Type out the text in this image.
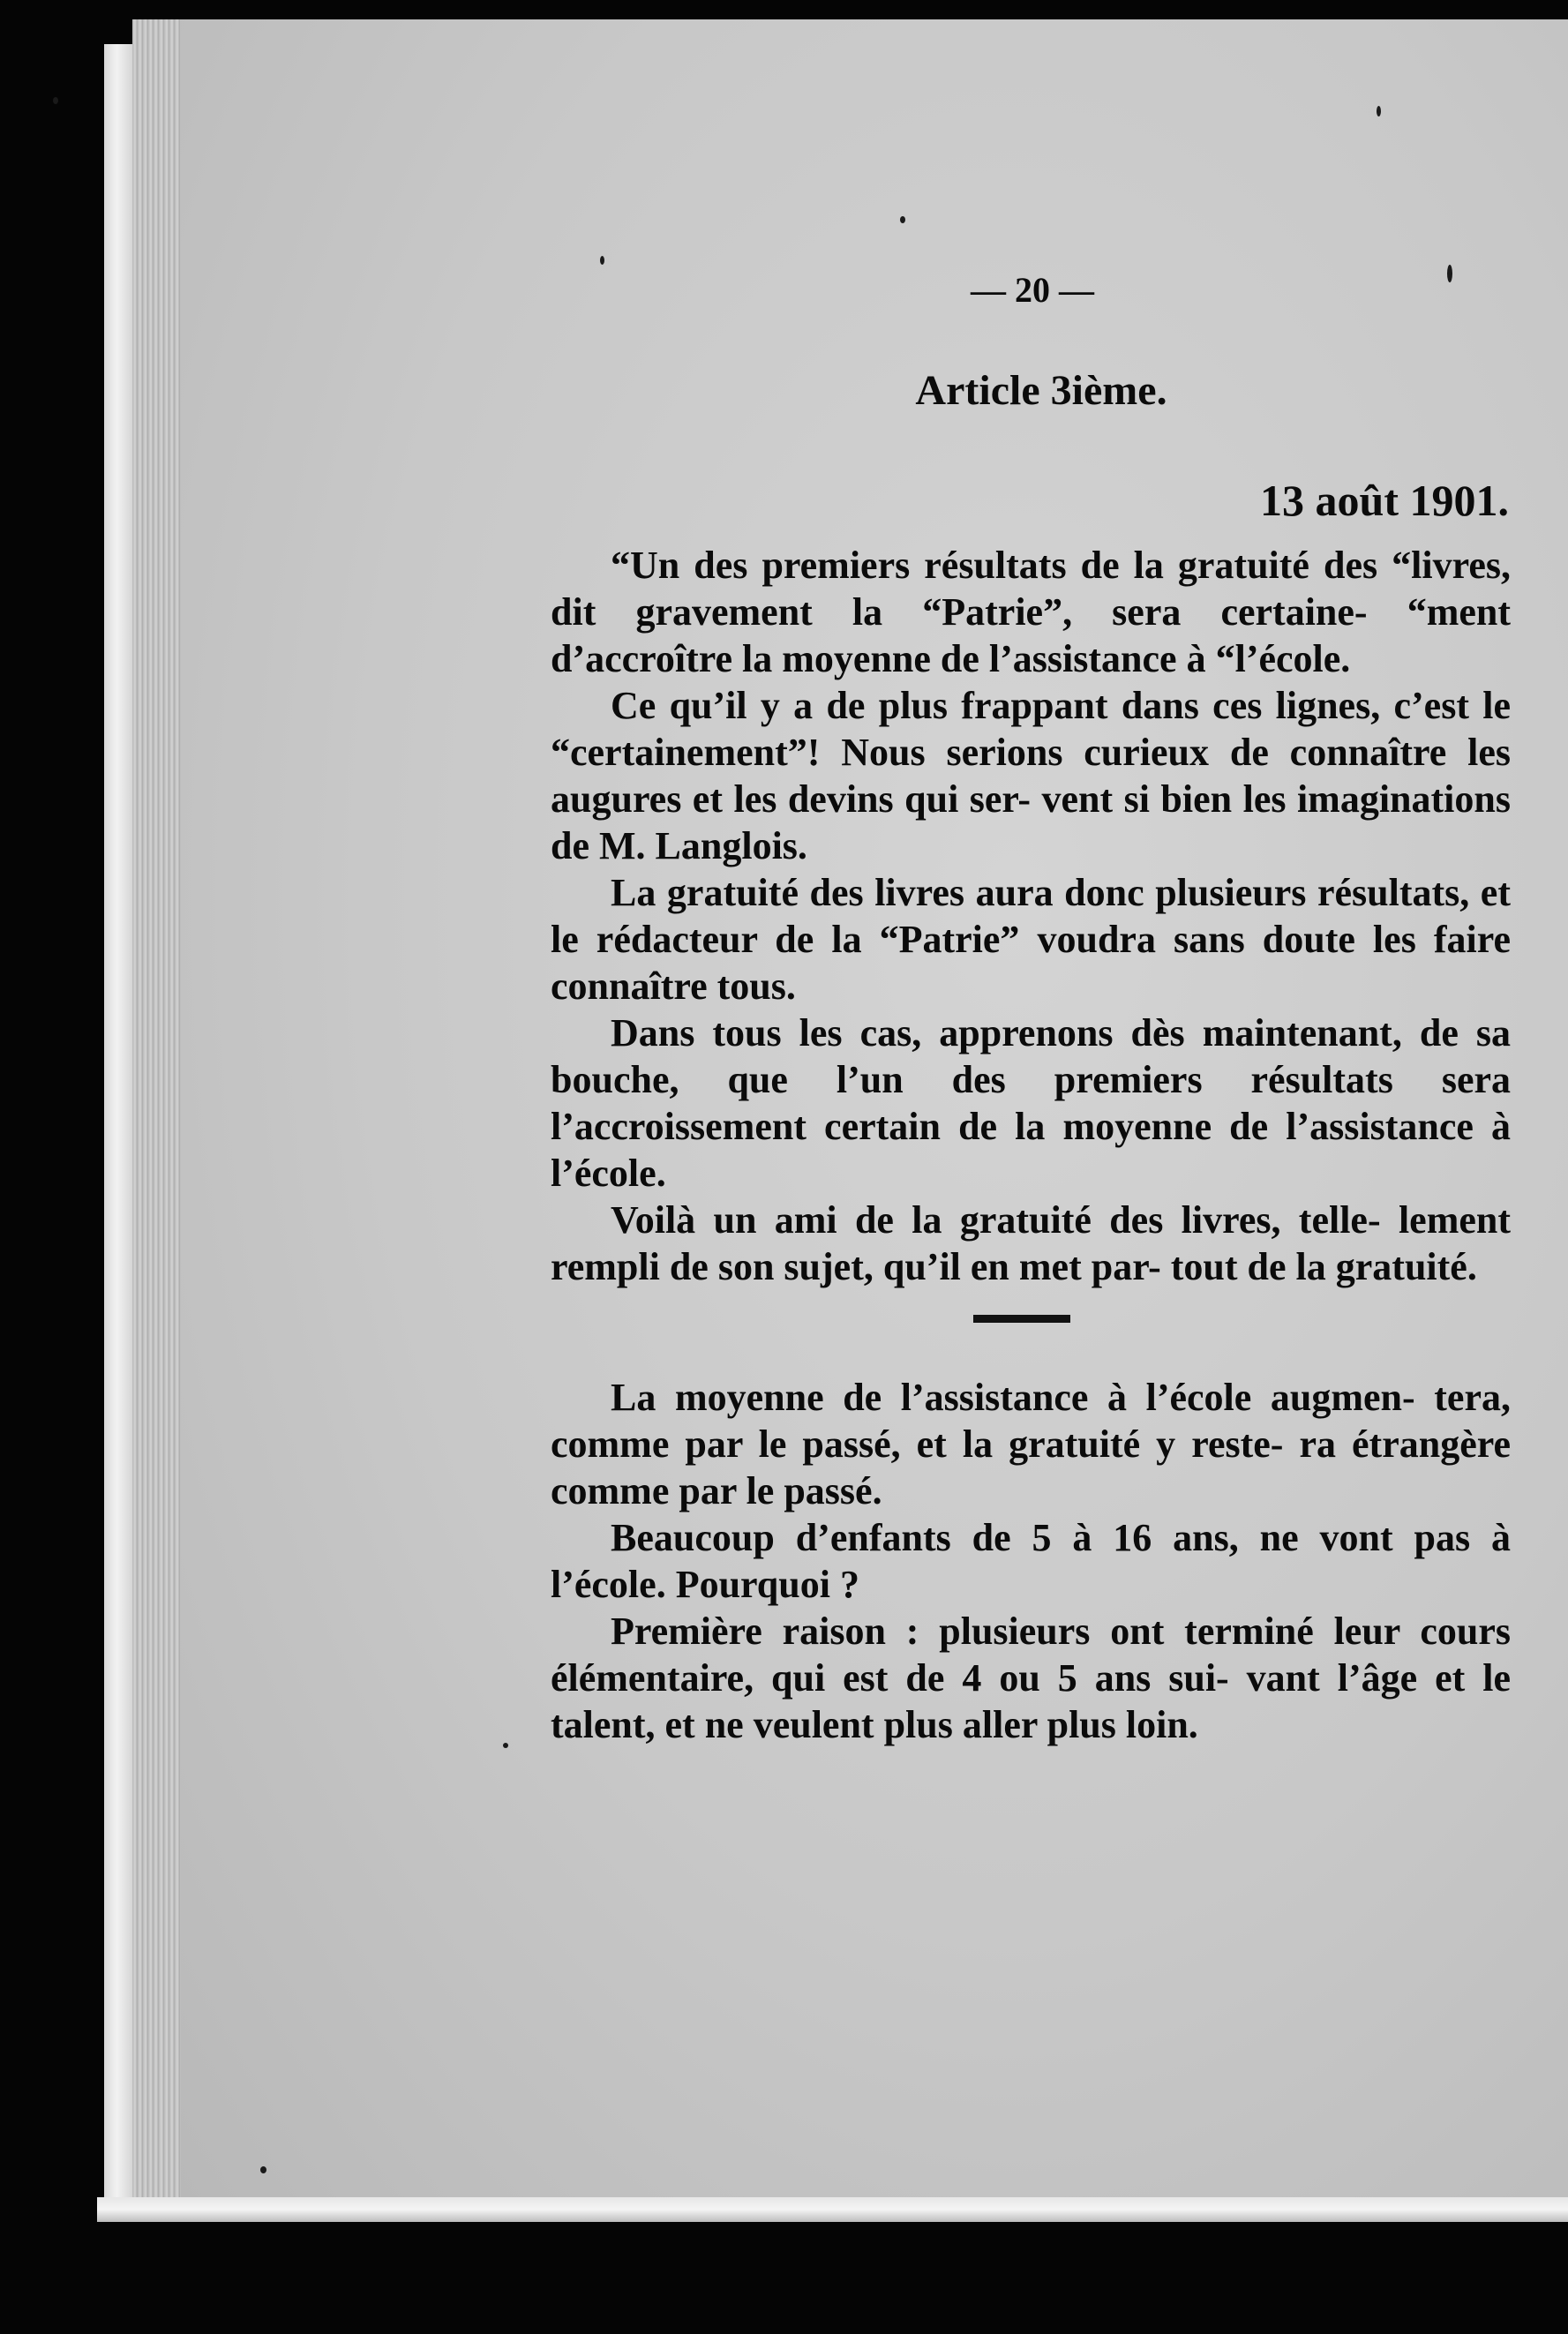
— 20 —
Article 3ième.
13 août 1901.

“Un des premiers résultats de la gratuité des “livres, dit gravement la “Patrie”, sera certaine- “ment d’accroître la moyenne de l’assistance à “l’école.

Ce qu’il y a de plus frappant dans ces lignes, c’est le “certainement”! Nous serions curieux de connaître les augures et les devins qui ser- vent si bien les imaginations de M. Langlois.

La gratuité des livres aura donc plusieurs résultats, et le rédacteur de la “Patrie” voudra sans doute les faire connaître tous.

Dans tous les cas, apprenons dès maintenant, de sa bouche, que l’un des premiers résultats sera l’accroissement certain de la moyenne de l’assistance à l’école.

Voilà un ami de la gratuité des livres, telle- lement rempli de son sujet, qu’il en met par- tout de la gratuité.

La moyenne de l’assistance à l’école augmen- tera, comme par le passé, et la gratuité y reste- ra étrangère comme par le passé.

Beaucoup d’enfants de 5 à 16 ans, ne vont pas à l’école. Pourquoi ?

Première raison : plusieurs ont terminé leur cours élémentaire, qui est de 4 ou 5 ans sui- vant l’âge et le talent, et ne veulent plus aller plus loin.
